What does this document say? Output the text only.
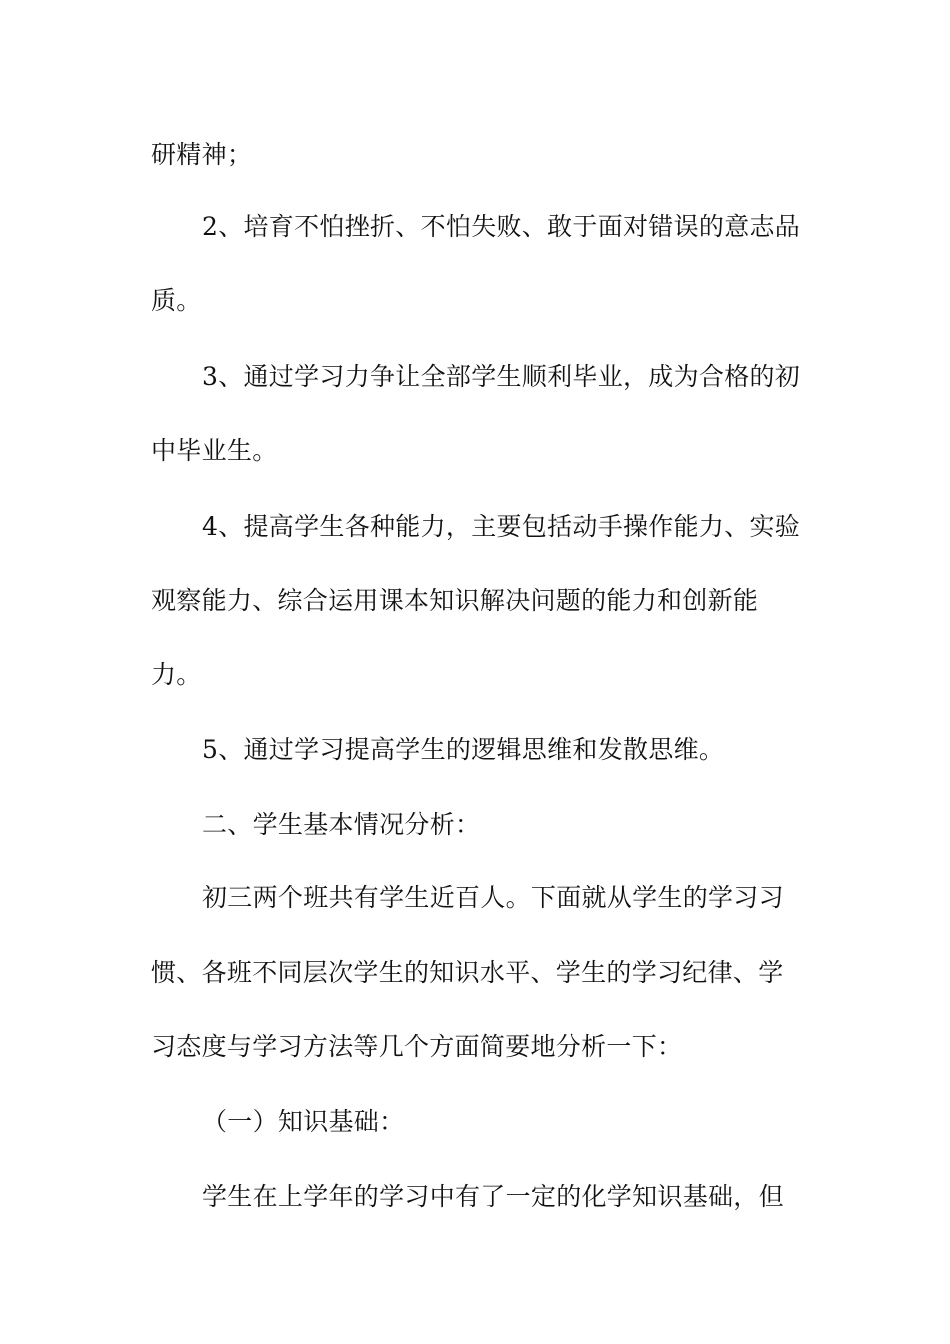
研精神；
2、培育不怕挫折、不怕失败、敢于面对错误的意志品
质。
3、通过学习力争让全部学生顺利毕业，成为合格的初
中毕业生。
4、提高学生各种能力，主要包括动手操作能力、实验
观察能力、综合运用课本知识解决问题的能力和创新能
力。
5、通过学习提高学生的逻辑思维和发散思维。
二、学生基本情况分析：
初三两个班共有学生近百人。下面就从学生的学习习
惯、各班不同层次学生的知识水平、学生的学习纪律、学
习态度与学习方法等几个方面简要地分析一下：
（一）知识基础：
学生在上学年的学习中有了一定的化学知识基础，但
